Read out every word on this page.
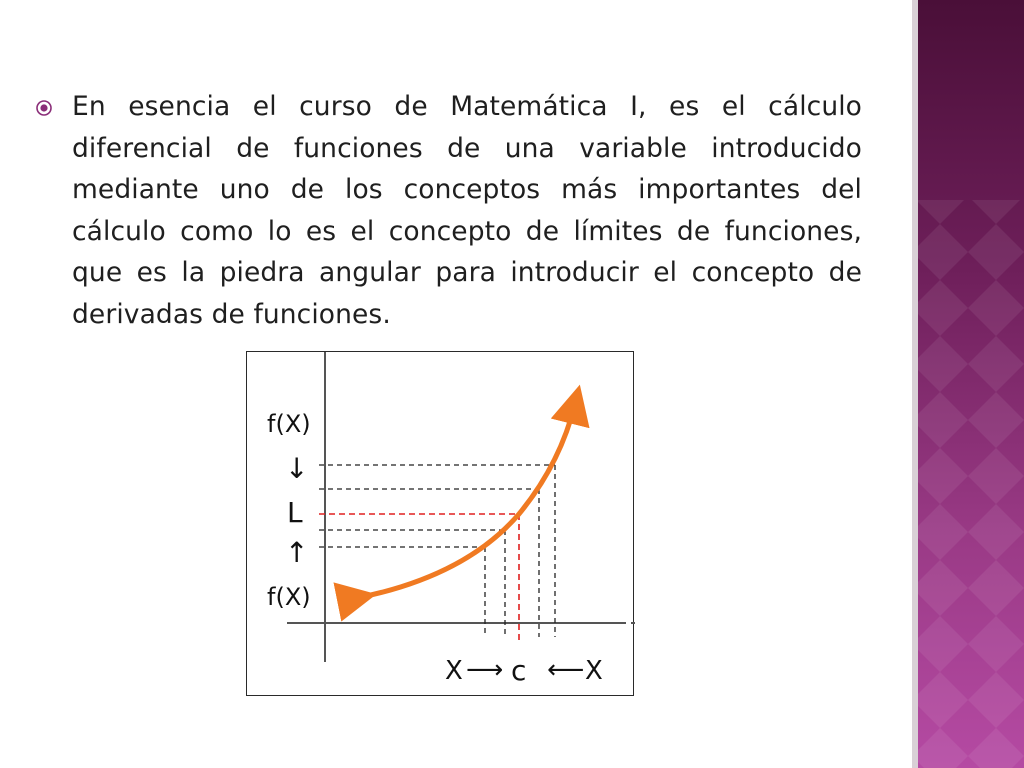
En esencia el curso de Matemática I, es el cálculo diferencial de funciones de una variable introducido mediante uno de los conceptos más importantes del cálculo como lo es el concepto de límites de funciones, que es la piedra angular para introducir el concepto de derivadas de funciones.
f(X)
↓
L
↑
f(X)
X ⟶ c ⟵ X
